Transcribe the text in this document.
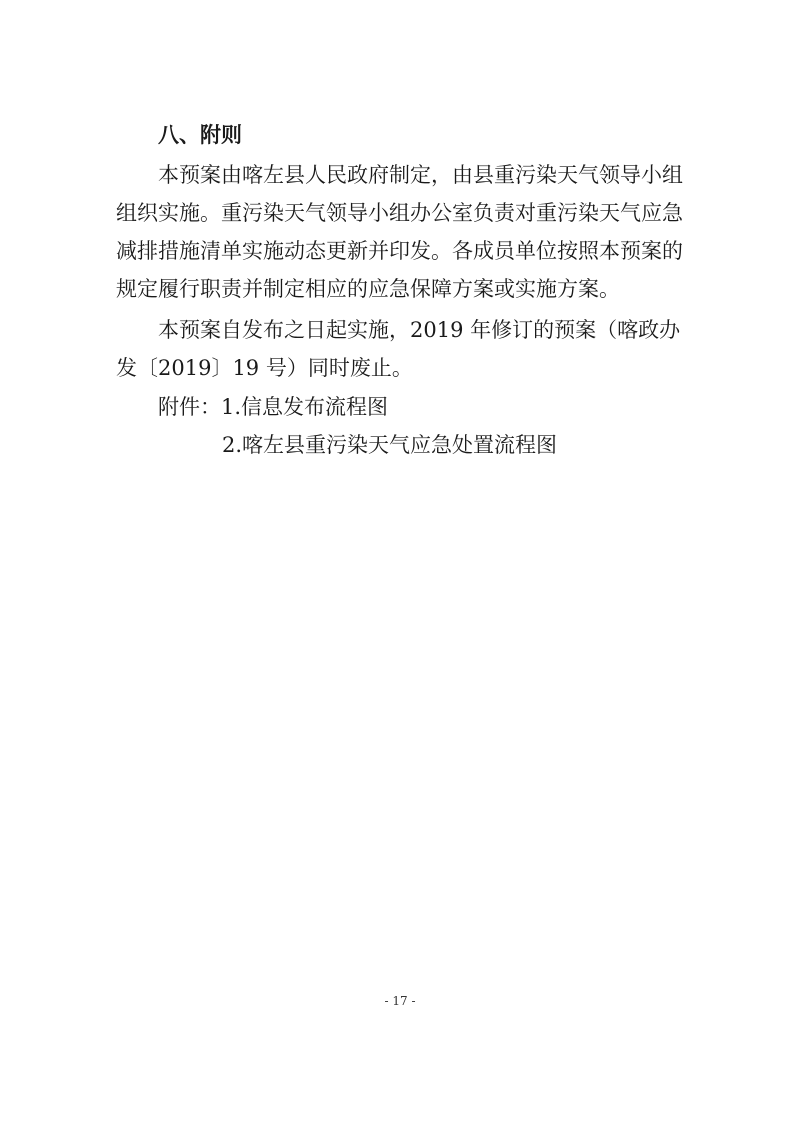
八、附则
本预案由喀左县人民政府制定，由县重污染天气领导小组
组织实施。重污染天气领导小组办公室负责对重污染天气应急
减排措施清单实施动态更新并印发。各成员单位按照本预案的
规定履行职责并制定相应的应急保障方案或实施方案。
本预案自发布之日起实施，2019 年修订的预案（喀政办
发〔2019〕19 号）同时废止。
附件：1.信息发布流程图
2.喀左县重污染天气应急处置流程图
- 17 -
